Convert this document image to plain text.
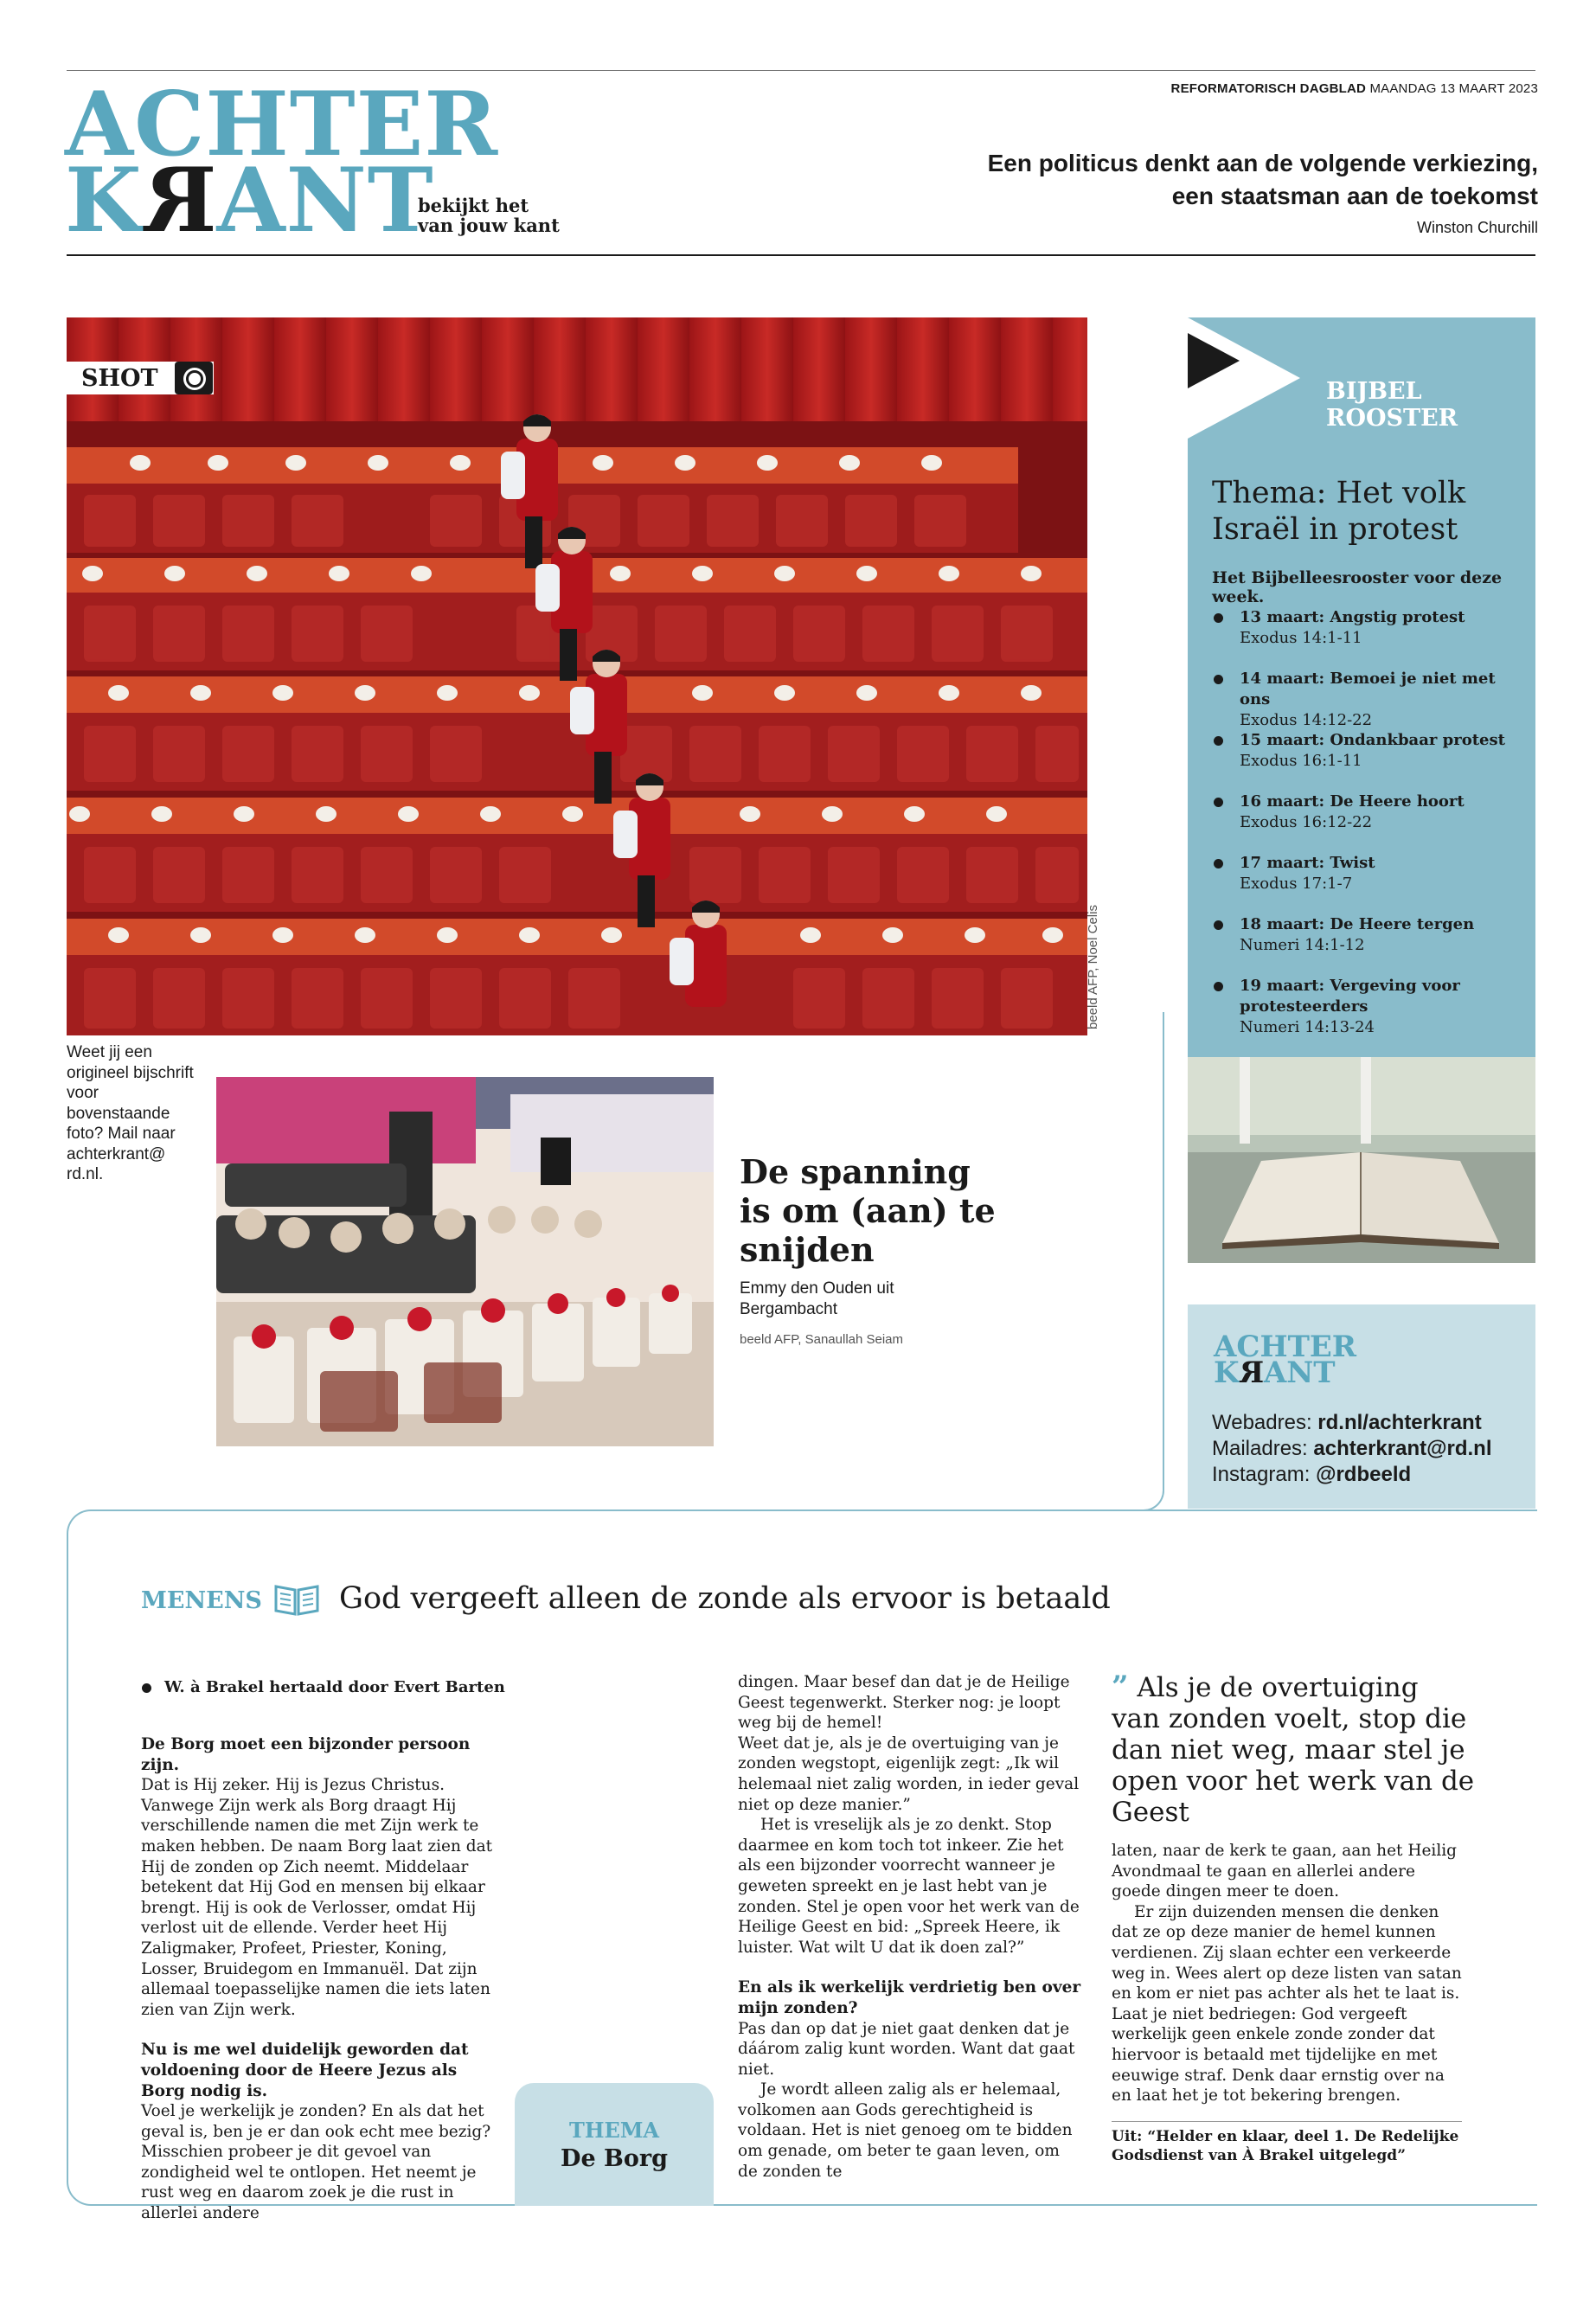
ACHTER
KRANT
bekijkt het
van jouw kant
REFORMATORISCH DAGBLAD MAANDAG 13 MAART 2023
Een politicus denkt aan de volgende verkiezing,
een staatsman aan de toekomst
Winston Churchill
SHOT
beeld AFP, Noel Celis
Weet jij een origineel bijschrift voor bovenstaande foto? Mail naar achterkrant@ rd.nl.	De spanning is om (aan) te snijden
Emmy den Ouden uit Bergambacht
beeld AFP, Sanaullah Seiam
BIJBEL
ROOSTER
Thema: Het volk Israël in protest
Het Bijbelleesrooster voor deze week.
13 maart: Angstig protest
Exodus 14:1-11
14 maart: Bemoei je niet met ons
Exodus 14:12-22
15 maart: Ondankbaar protest
Exodus 16:1-11
16 maart: De Heere hoort
Exodus 16:12-22
17 maart: Twist
Exodus 17:1-7
18 maart: De Heere tergen
Numeri 14:1-12
19 maart: Vergeving voor protesteerders
Numeri 14:13-24
ACHTER
KRANT
Webadres: rd.nl/achterkrant
Mailadres: achterkrant@rd.nl
Instagram: @rdbeeld
MENENS	God vergeeft alleen de zonde als ervoor is betaald
W. à Brakel hertaald door Evert Barten

De Borg moet een bijzonder persoon zijn.

Dat is Hij zeker. Hij is Jezus Christus. Vanwege Zijn werk als Borg draagt Hij verschillende namen die met Zijn werk te maken hebben. De naam Borg laat zien dat Hij de zonden op Zich neemt. Middelaar betekent dat Hij God en mensen bij elkaar brengt. Hij is ook de Verlosser, omdat Hij verlost uit de ellende. Verder heet Hij Zaligmaker, Profeet, Priester, Koning, Losser, Bruidegom en Immanuël. Dat zijn allemaal toepasselijke namen die iets laten zien van Zijn werk.

Nu is me wel duidelijk geworden dat voldoening door de Heere Jezus als Borg nodig is.

Voel je werkelijk je zonden? En als dat het geval is, ben je er dan ook echt mee bezig? Misschien probeer je dit gevoel van zondigheid wel te ontlopen. Het neemt je rust weg en daarom zoek je die rust in allerlei andere

THEMA
De Borg

dingen. Maar besef dan dat je de Heilige Geest tegenwerkt. Sterker nog: je loopt weg bij de hemel!

Weet dat je, als je de overtuiging van je zonden wegstopt, eigenlijk zegt: „Ik wil helemaal niet zalig worden, in ieder geval niet op deze manier.”

Het is vreselijk als je zo denkt. Stop daarmee en kom toch tot inkeer. Zie het als een bijzonder voorrecht wanneer je geweten spreekt en je last hebt van je zonden. Stel je open voor het werk van de Heilige Geest en bid: „Spreek Heere, ik luister. Wat wilt U dat ik doen zal?”

En als ik werkelijk verdrietig ben over mijn zonden?

Pas dan op dat je niet gaat denken dat je dáárom zalig kunt worden. Want dat gaat niet.

Je wordt alleen zalig als er helemaal, volkomen aan Gods gerechtigheid is voldaan. Het is niet genoeg om te bidden om genade, om beter te gaan leven, om de zonden te

” Als je de overtuiging van zonden voelt, stop die dan niet weg, maar stel je open voor het werk van de Geest

laten, naar de kerk te gaan, aan het Heilig Avondmaal te gaan en allerlei andere goede dingen meer te doen.

Er zijn duizenden mensen die denken dat ze op deze manier de hemel kunnen verdienen. Zij slaan echter een verkeerde weg in. Wees alert op deze listen van satan en kom er niet pas achter als het te laat is. Laat je niet bedriegen: God vergeeft werkelijk geen enkele zonde zonder dat hiervoor is betaald met tijdelijke en met eeuwige straf. Denk daar ernstig over na en laat het je tot bekering brengen.

Uit: “Helder en klaar, deel 1. De Redelijke Godsdienst van À Brakel uitgelegd”
